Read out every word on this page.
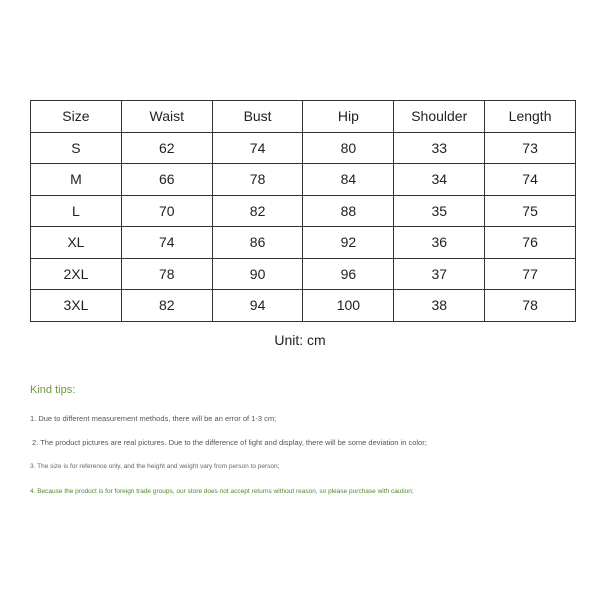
Size	Waist	Bust	Hip	Shoulder	Length
S	62	74	80	33	73
M	66	78	84	34	74
L	70	82	88	35	75
XL	74	86	92	36	76
2XL	78	90	96	37	77
3XL	82	94	100	38	78
Unit: cm
Kind tips:
1. Due to different measurement methods, there will be an error of 1-3 cm;
2. The product pictures are real pictures. Due to the difference of light and display, there will be some deviation in color;
3. The size is for reference only, and the height and weight vary from person to person;
4. Because the product is for foreign trade groups, our store does not accept returns without reason, so please purchase with caution;
